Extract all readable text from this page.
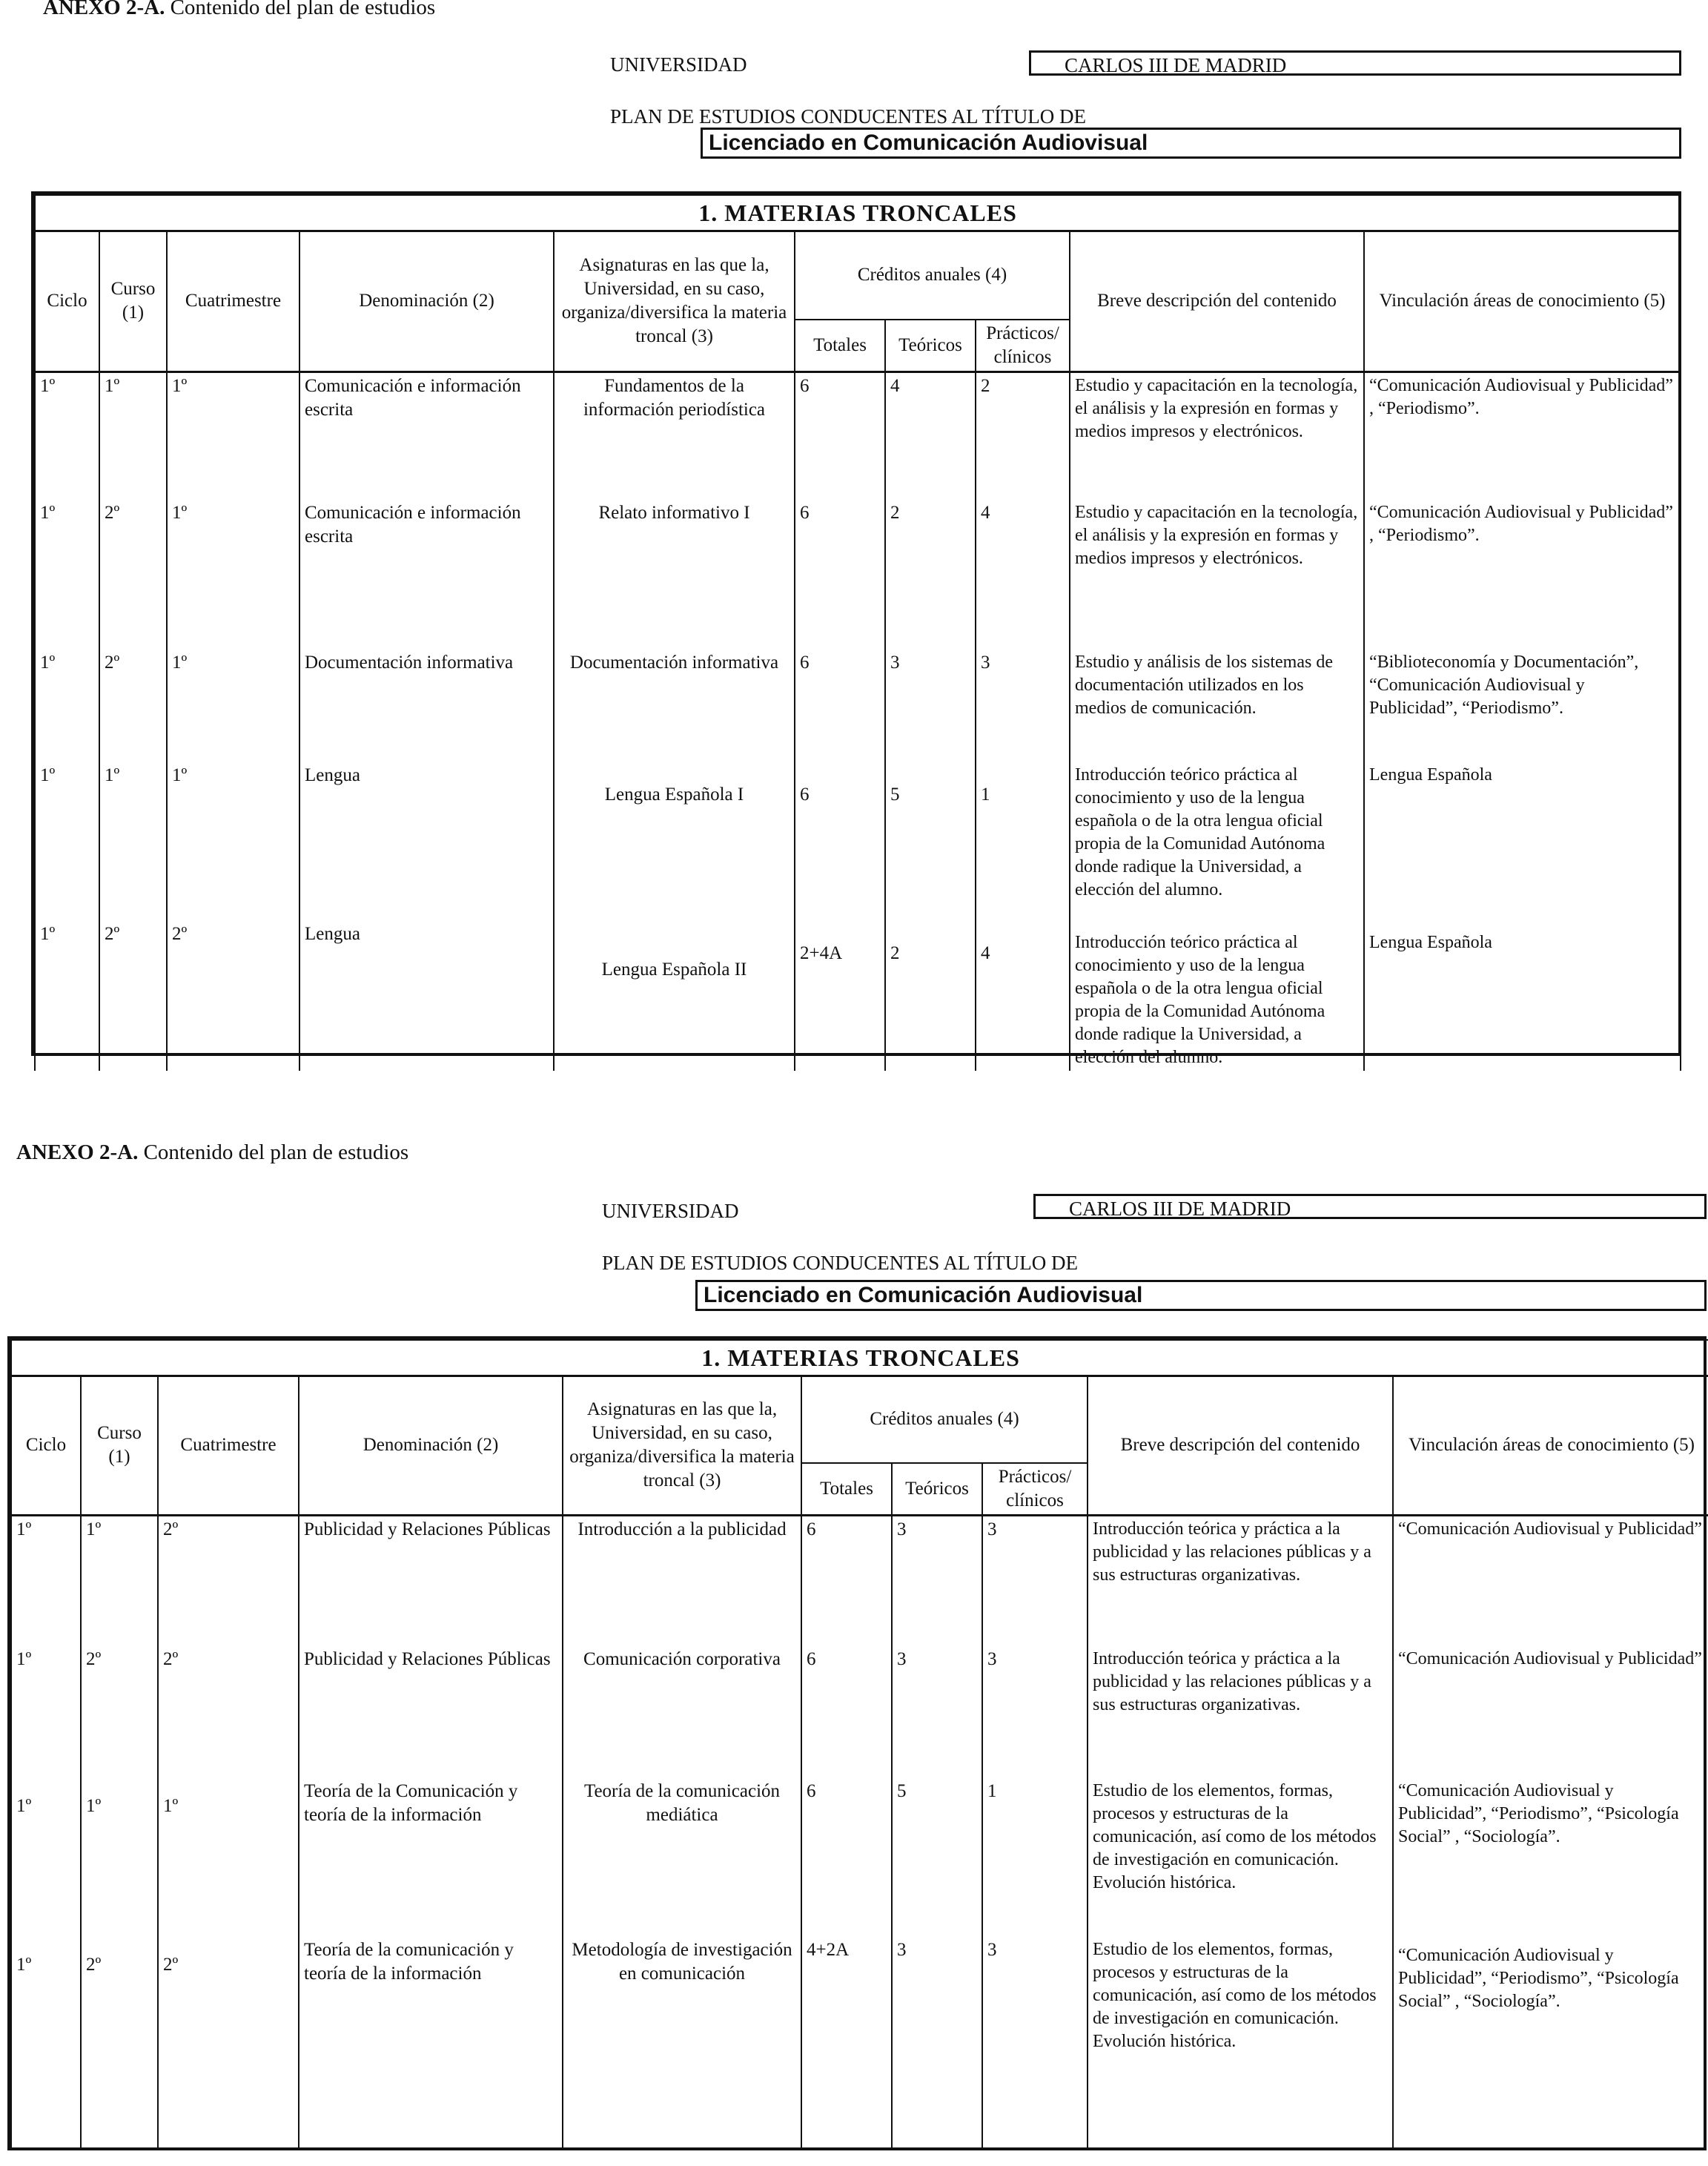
ANEXO 2-A. Contenido del plan de estudios
UNIVERSIDAD	CARLOS III DE MADRID
PLAN DE ESTUDIOS CONDUCENTES AL TÍTULO DE
Licenciado en Comunicación Audiovisual
1. MATERIAS TRONCALES									
Ciclo	Curso (1)	Cuatrimestre	Denominación (2)	Asignaturas en las que la, Universidad, en su caso, organiza/diversifica la materia troncal (3)	Créditos anuales (4)			Breve descripción del contenido	Vinculación áreas de conocimiento (5)
					Totales	Teóricos	Prácticos/ clínicos		
1º	1º	1º	Comunicación e información escrita	Fundamentos de la información periodística	6	4	2	Estudio y capacitación en la tecnología, el análisis y la expresión en formas y medios impresos y electrónicos.	“Comunicación Audiovisual y Publicidad” , “Periodismo”.
1º	2º	1º	Comunicación e información escrita	Relato informativo I	6	2	4	Estudio y capacitación en la tecnología, el análisis y la expresión en formas y medios impresos y electrónicos.	“Comunicación Audiovisual y Publicidad” , “Periodismo”.
1º	2º	1º	Documentación informativa	Documentación informativa	6	3	3	Estudio y análisis de los sistemas de documentación utilizados en los medios de comunicación.	“Biblioteconomía y Documentación”, “Comunicación Audiovisual y Publicidad”, “Periodismo”.
1º	1º	1º	Lengua	Lengua Española I	6	5	1	Introducción teórico práctica al conocimiento y uso de la lengua española o de la otra lengua oficial propia de la Comunidad Autónoma donde radique la Universidad, a elección del alumno.	Lengua Española
1º	2º	2º	Lengua	Lengua Española II	2+4A	2	4	Introducción teórico práctica al conocimiento y uso de la lengua española o de la otra lengua oficial propia de la Comunidad Autónoma donde radique la Universidad, a elección del alumno.	Lengua Española
ANEXO 2-A. Contenido del plan de estudios
UNIVERSIDAD	CARLOS III DE MADRID
PLAN DE ESTUDIOS CONDUCENTES AL TÍTULO DE
Licenciado en Comunicación Audiovisual
1. MATERIAS TRONCALES									
Ciclo	Curso (1)	Cuatrimestre	Denominación (2)	Asignaturas en las que la, Universidad, en su caso, organiza/diversifica la materia troncal (3)	Créditos anuales (4)			Breve descripción del contenido	Vinculación áreas de conocimiento (5)
					Totales	Teóricos	Prácticos/ clínicos		
1º	1º	2º	Publicidad y Relaciones Públicas	Introducción a la publicidad	6	3	3	Introducción teórica y práctica a la publicidad y las relaciones públicas y a sus estructuras organizativas.	“Comunicación Audiovisual y Publicidad”
1º	2º	2º	Publicidad y Relaciones Públicas	Comunicación corporativa	6	3	3	Introducción teórica y práctica a la publicidad y las relaciones públicas y a sus estructuras organizativas.	“Comunicación Audiovisual y Publicidad”
1º	1º	1º	Teoría de la Comunicación y teoría de la información	Teoría de la comunicación mediática	6	5	1	Estudio de los elementos, formas, procesos y estructuras de la comunicación, así como de los métodos de investigación en comunicación. Evolución histórica.	“Comunicación Audiovisual y Publicidad”, “Periodismo”, “Psicología Social” , “Sociología”.
1º	2º	2º	Teoría de la comunicación y teoría de la información	Metodología de investigación en comunicación	4+2A	3	3	Estudio de los elementos, formas, procesos y estructuras de la comunicación, así como de los métodos de investigación en comunicación. Evolución histórica.	“Comunicación Audiovisual y Publicidad”, “Periodismo”, “Psicología Social” , “Sociología”.
